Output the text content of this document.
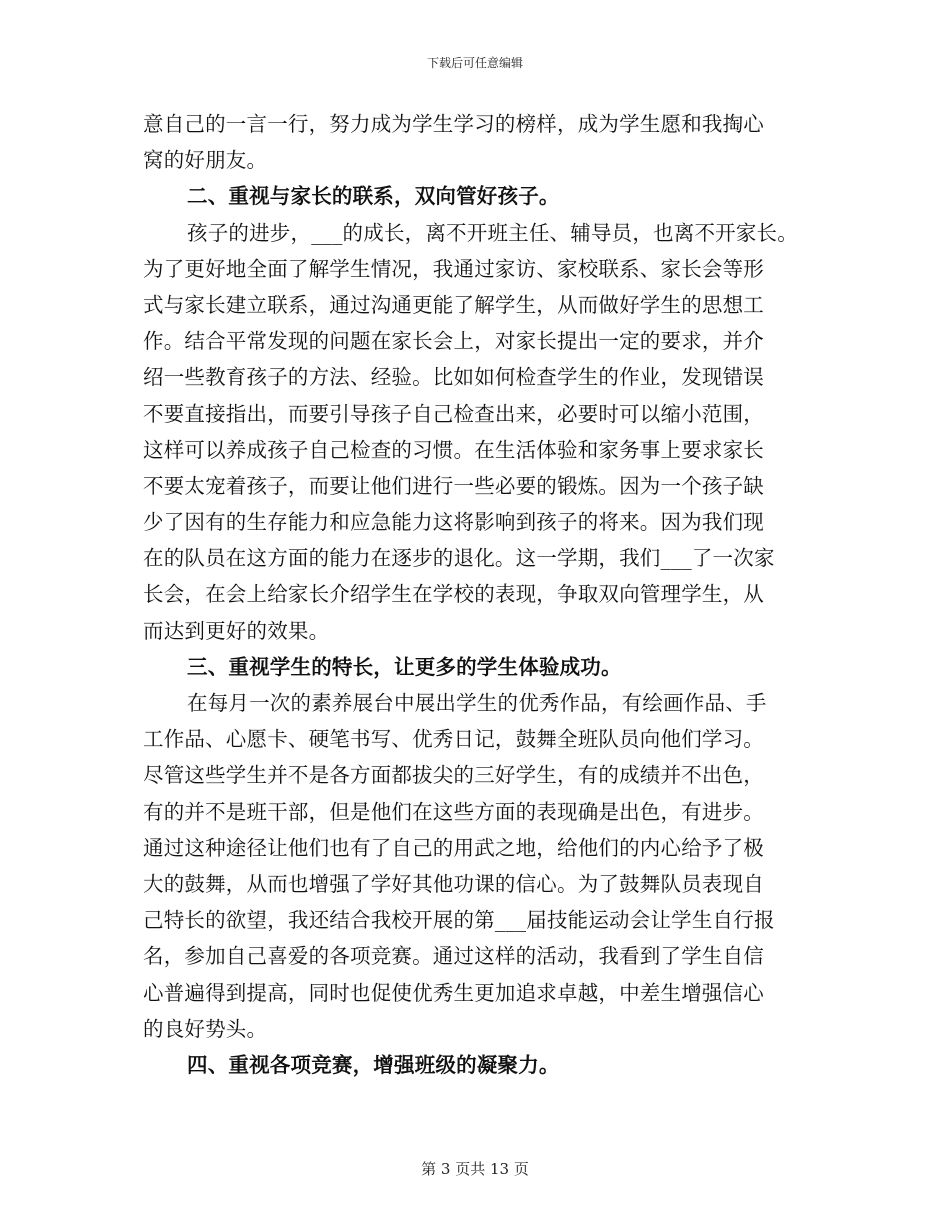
下载后可任意编辑
意自己的一言一行，努力成为学生学习的榜样，成为学生愿和我掏心
窝的好朋友。
二、重视与家长的联系，双向管好孩子。
孩子的进步，___的成长，离不开班主任、辅导员，也离不开家长。
为了更好地全面了解学生情况，我通过家访、家校联系、家长会等形
式与家长建立联系，通过沟通更能了解学生，从而做好学生的思想工
作。结合平常发现的问题在家长会上，对家长提出一定的要求，并介
绍一些教育孩子的方法、经验。比如如何检查学生的作业，发现错误
不要直接指出，而要引导孩子自己检查出来，必要时可以缩小范围，
这样可以养成孩子自己检查的习惯。在生活体验和家务事上要求家长
不要太宠着孩子，而要让他们进行一些必要的锻炼。因为一个孩子缺
少了因有的生存能力和应急能力这将影响到孩子的将来。因为我们现
在的队员在这方面的能力在逐步的退化。这一学期，我们___了一次家
长会，在会上给家长介绍学生在学校的表现，争取双向管理学生，从
而达到更好的效果。
三、重视学生的特长，让更多的学生体验成功。
在每月一次的素养展台中展出学生的优秀作品，有绘画作品、手
工作品、心愿卡、硬笔书写、优秀日记，鼓舞全班队员向他们学习。
尽管这些学生并不是各方面都拔尖的三好学生，有的成绩并不出色，
有的并不是班干部，但是他们在这些方面的表现确是出色，有进步。
通过这种途径让他们也有了自己的用武之地，给他们的内心给予了极
大的鼓舞，从而也增强了学好其他功课的信心。为了鼓舞队员表现自
己特长的欲望，我还结合我校开展的第___届技能运动会让学生自行报
名，参加自己喜爱的各项竞赛。通过这样的活动，我看到了学生自信
心普遍得到提高，同时也促使优秀生更加追求卓越，中差生增强信心
的良好势头。
四、重视各项竞赛，增强班级的凝聚力。
第 3 页共 13 页
